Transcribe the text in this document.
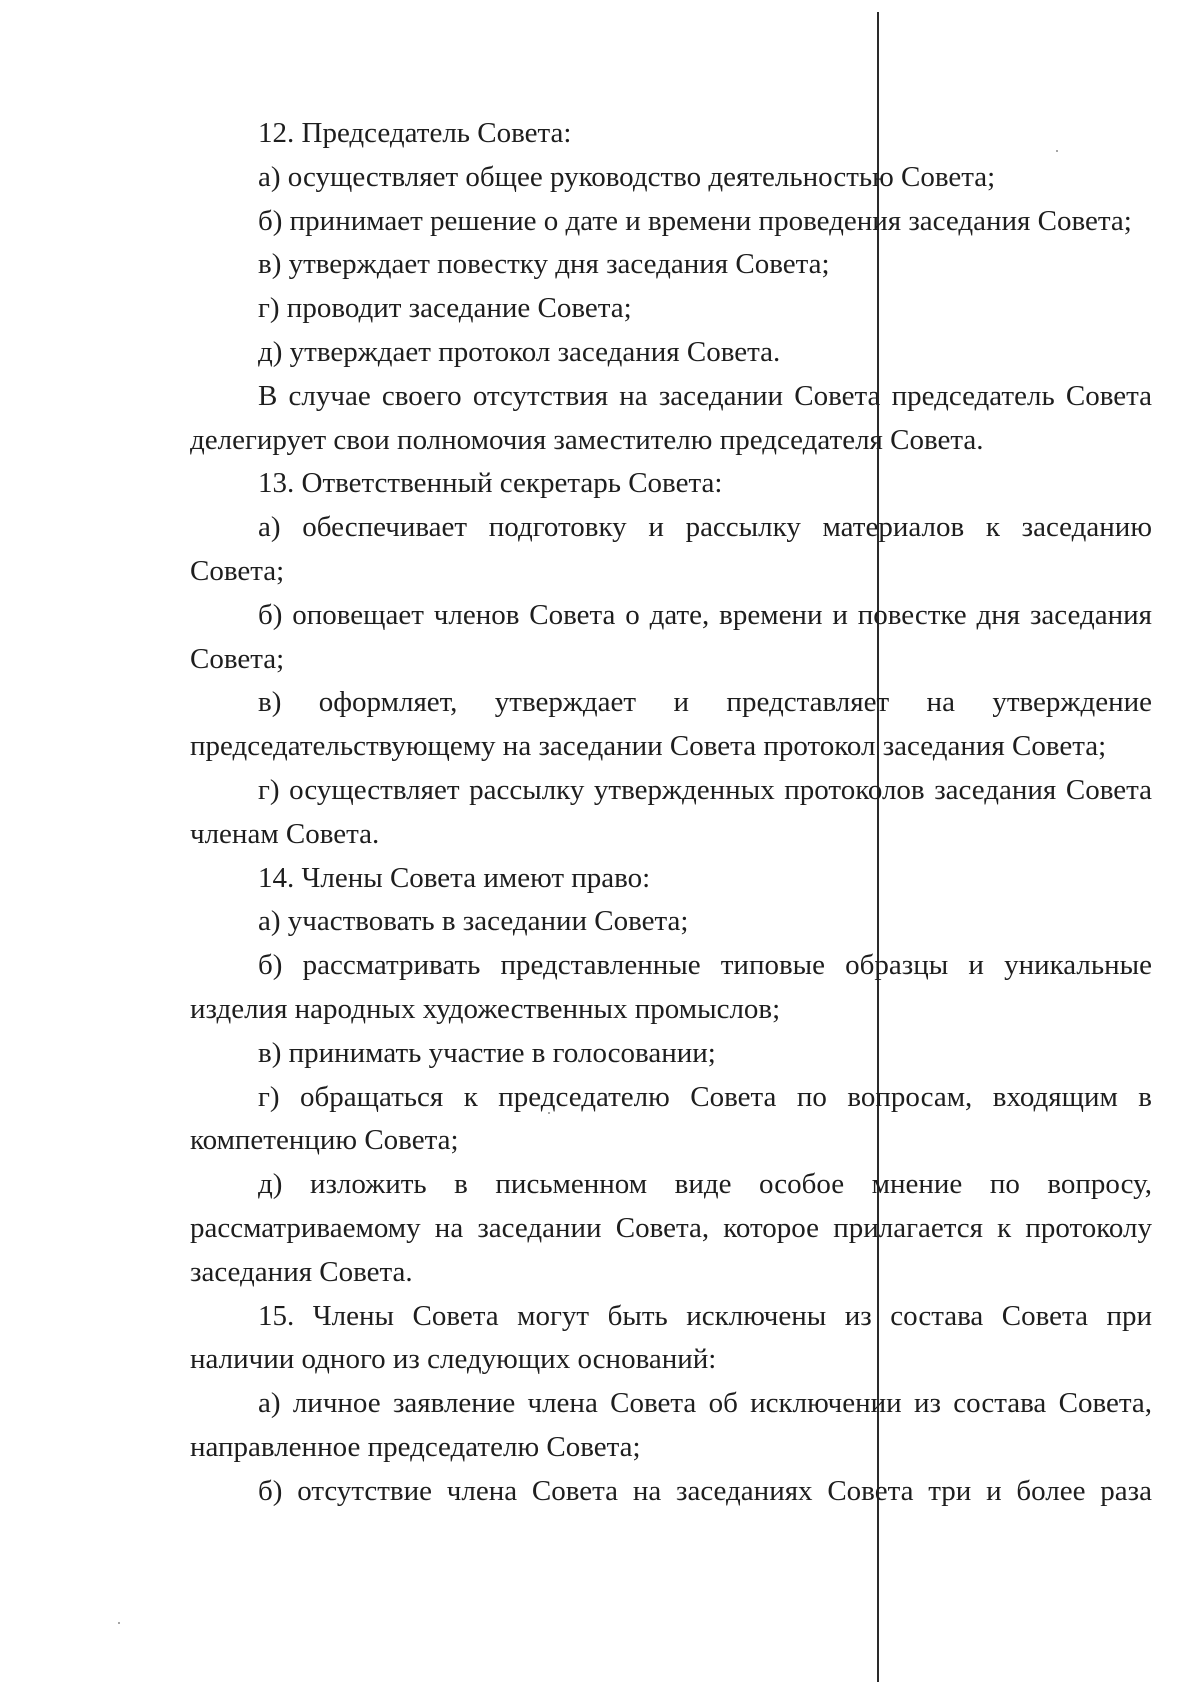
12. Председатель Совета:

а) осуществляет общее руководство деятельностью Совета;

б) принимает решение о дате и времени проведения заседания Совета;

в) утверждает повестку дня заседания Совета;

г) проводит заседание Совета;

д) утверждает протокол заседания Совета.

В случае своего отсутствия на заседании Совета председатель Совета делегирует свои полномочия заместителю председателя Совета.

13. Ответственный секретарь Совета:

а) обеспечивает подготовку и рассылку материалов к заседанию Совета;

б) оповещает членов Совета о дате, времени и повестке дня заседания Совета;

в) оформляет, утверждает и представляет на утверждение председательствующему на заседании Совета протокол заседания Совета;

г) осуществляет рассылку утвержденных протоколов заседания Совета членам Совета.

14. Члены Совета имеют право:

а) участвовать в заседании Совета;

б) рассматривать представленные типовые образцы и уникальные изделия народных художественных промыслов;

в) принимать участие в голосовании;

г) обращаться к председателю Совета по вопросам, входящим в компетенцию Совета;

д) изложить в письменном виде особое мнение по вопросу, рассматриваемому на заседании Совета, которое прилагается к протоколу заседания Совета.

15. Члены Совета могут быть исключены из состава Совета при наличии одного из следующих оснований:

а) личное заявление члена Совета об исключении из состава Совета, направленное председателю Совета;

б) отсутствие члена Совета на заседаниях Совета три и более раза
